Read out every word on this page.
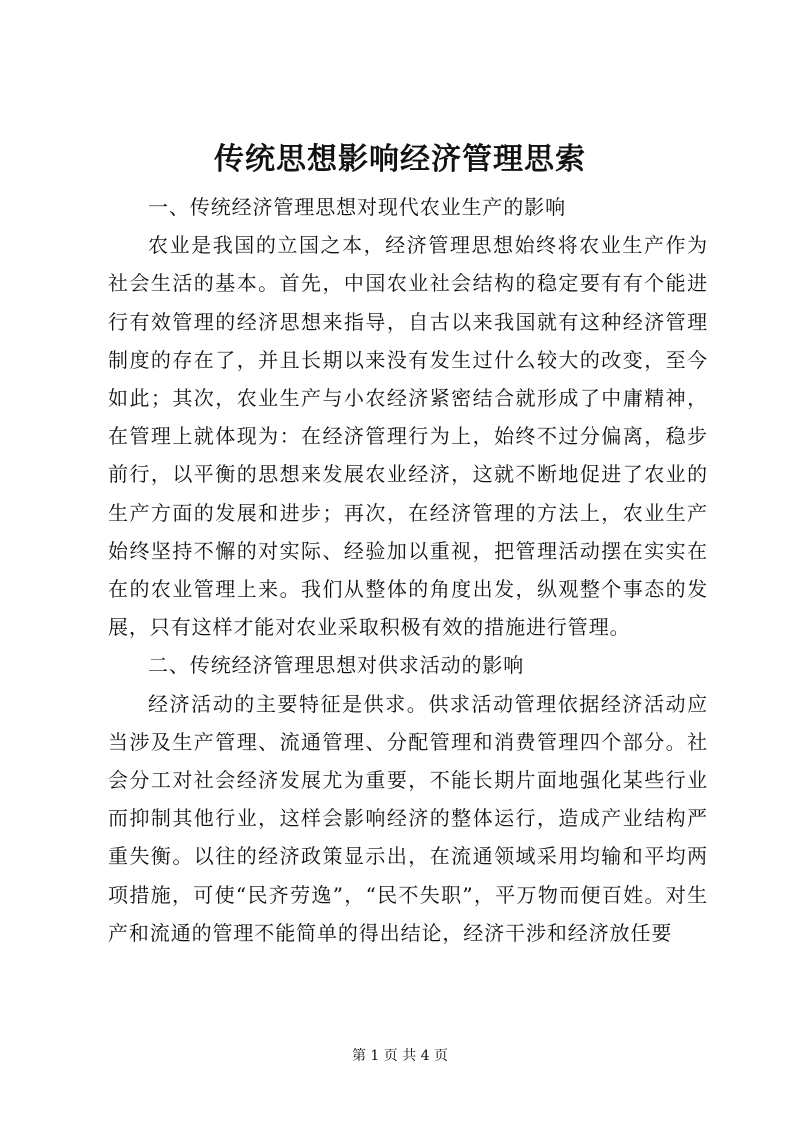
传统思想影响经济管理思索

一、传统经济管理思想对现代农业生产的影响

农业是我国的立国之本，经济管理思想始终将农业生产作为社会生活的基本。首先，中国农业社会结构的稳定要有有个能进行有效管理的经济思想来指导，自古以来我国就有这种经济管理制度的存在了，并且长期以来没有发生过什么较大的改变，至今如此；其次，农业生产与小农经济紧密结合就形成了中庸精神，在管理上就体现为：在经济管理行为上，始终不过分偏离，稳步前行，以平衡的思想来发展农业经济，这就不断地促进了农业的生产方面的发展和进步；再次，在经济管理的方法上，农业生产始终坚持不懈的对实际、经验加以重视，把管理活动摆在实实在在的农业管理上来。我们从整体的角度出发，纵观整个事态的发展，只有这样才能对农业采取积极有效的措施进行管理。

二、传统经济管理思想对供求活动的影响

经济活动的主要特征是供求。供求活动管理依据经济活动应当涉及生产管理、流通管理、分配管理和消费管理四个部分。社会分工对社会经济发展尤为重要，不能长期片面地强化某些行业而抑制其他行业，这样会影响经济的整体运行，造成产业结构严重失衡。以往的经济政策显示出，在流通领域采用均输和平均两项措施，可使“民齐劳逸”，“民不失职”，平万物而便百姓。对生产和流通的管理不能简单的得出结论，经济干涉和经济放任要

第 1 页 共 4 页
